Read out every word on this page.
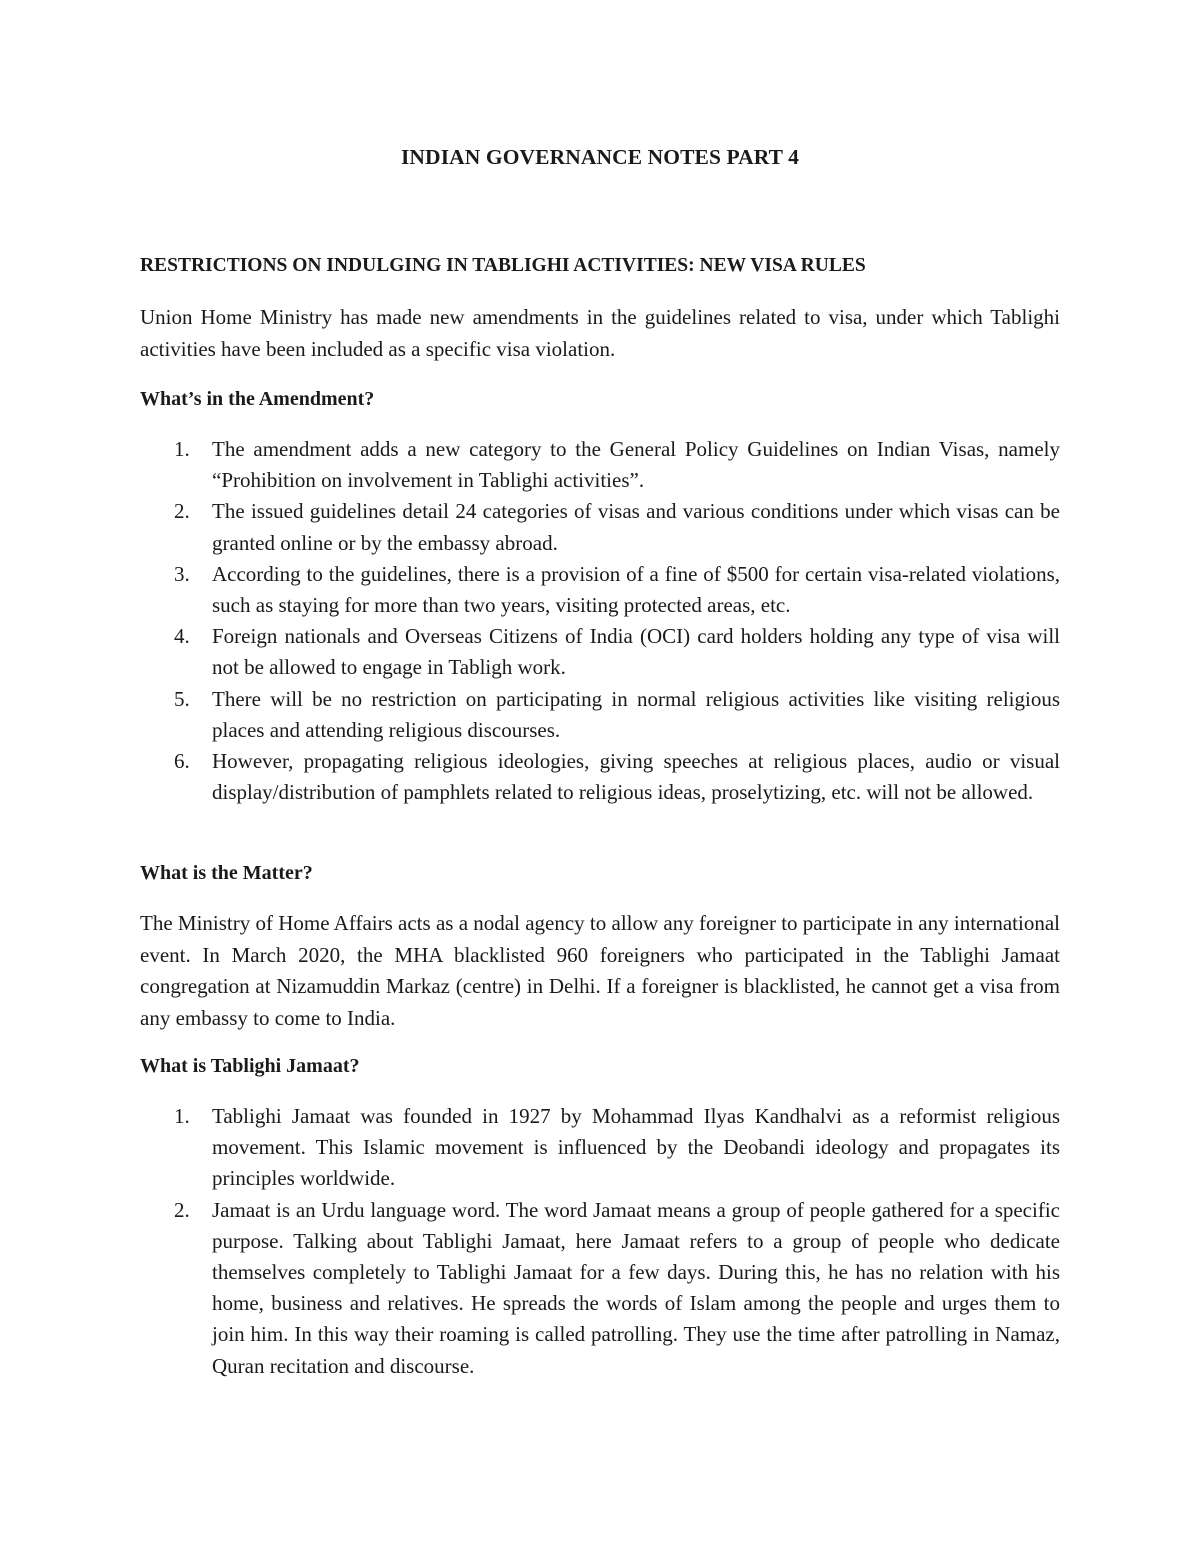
INDIAN GOVERNANCE NOTES PART 4
RESTRICTIONS ON INDULGING IN TABLIGHI ACTIVITIES: NEW VISA RULES

Union Home Ministry has made new amendments in the guidelines related to visa, under which Tablighi activities have been included as a specific visa violation.

What’s in the Amendment?
1. The amendment adds a new category to the General Policy Guidelines on Indian Visas, namely “Prohibition on involvement in Tablighi activities”.
2. The issued guidelines detail 24 categories of visas and various conditions under which visas can be granted online or by the embassy abroad.
3. According to the guidelines, there is a provision of a fine of $500 for certain visa-related violations, such as staying for more than two years, visiting protected areas, etc.
4. Foreign nationals and Overseas Citizens of India (OCI) card holders holding any type of visa will not be allowed to engage in Tabligh work.
5. There will be no restriction on participating in normal religious activities like visiting religious places and attending religious discourses.
6. However, propagating religious ideologies, giving speeches at religious places, audio or visual display/distribution of pamphlets related to religious ideas, proselytizing, etc. will not be allowed.
What is the Matter?

The Ministry of Home Affairs acts as a nodal agency to allow any foreigner to participate in any international event. In March 2020, the MHA blacklisted 960 foreigners who participated in the Tablighi Jamaat congregation at Nizamuddin Markaz (centre) in Delhi. If a foreigner is blacklisted, he cannot get a visa from any embassy to come to India.

What is Tablighi Jamaat?
1. Tablighi Jamaat was founded in 1927 by Mohammad Ilyas Kandhalvi as a reformist religious movement. This Islamic movement is influenced by the Deobandi ideology and propagates its principles worldwide.
2. Jamaat is an Urdu language word. The word Jamaat means a group of people gathered for a specific purpose. Talking about Tablighi Jamaat, here Jamaat refers to a group of people who dedicate themselves completely to Tablighi Jamaat for a few days. During this, he has no relation with his home, business and relatives. He spreads the words of Islam among the people and urges them to join him. In this way their roaming is called patrolling. They use the time after patrolling in Namaz, Quran recitation and discourse.
